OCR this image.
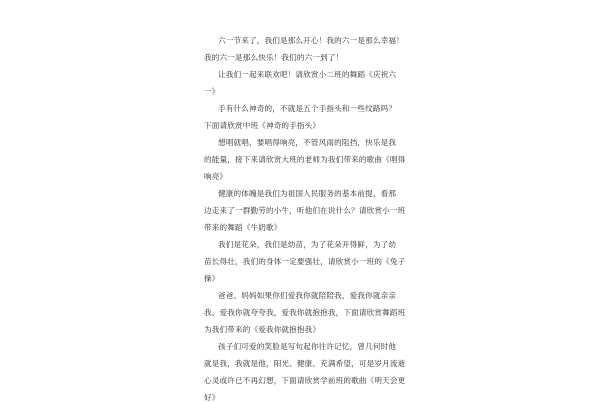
六一节来了，我们是那么开心！我的六一是那么幸福！
我的六一是那么快乐！我们的六一到了！
让我们一起来联欢吧！请欣赏小二班的舞蹈《庆祝六
一》
手有什么神奇的，不就是五个手指头和一些纹路吗？
下面请欣赏中班《神奇的手指头》
想唱就唱，要唱得响亮，不管风雨的阻挡，快乐是我
的能量，接下来请欣赏大班的老师为我们带来的歌曲《唱得
响亮》
健康的体魄是我们为祖国人民服务的基本前提，看那
边走来了一群勤劳的小牛，听他们在说什么？请欣赏小一班
带来的舞蹈《牛奶歌》
我们是花朵，我们是幼苗，为了花朵开得鲜，为了幼
苗长得壮，我们的身体一定要强壮，请欣赏小一班的《兔子
操》
爸爸、妈妈如果你们爱我你就陪陪我，爱我你就亲亲
我，爱我你就夸夸我，爱我你就抱抱我，下面请欣赏舞蹈班
为我们带来的《爱我你就抱抱我》
孩子们可爱的笑脸是写句起你往许记忆，曾几何时他
就是我，我就是他，阳光、健康、充满希望，可是岁月流逝
心灵或许已不再幻想，下面请欣赏学前班的歌曲《明天会更
好》
